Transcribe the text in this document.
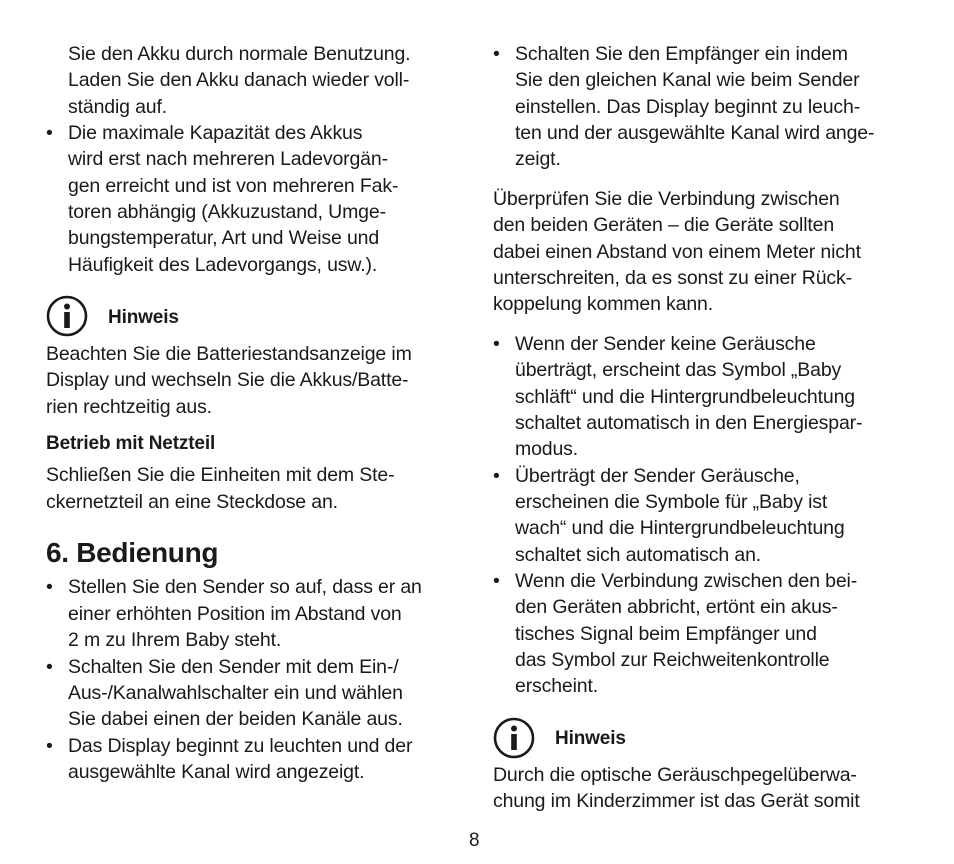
Sie den Akku durch normale Benutzung.
Laden Sie den Akku danach wieder voll-
ständig auf.
• Die maximale Kapazität des Akkus
wird erst nach mehreren Ladevorgän-
gen erreicht und ist von mehreren Fak-
toren abhängig (Akkuzustand, Umge-
bungstemperatur, Art und Weise und
Häufigkeit des Ladevorgangs, usw.).
Hinweis
Beachten Sie die Batteriestandsanzeige im
Display und wechseln Sie die Akkus/Batte-
rien rechtzeitig aus.
Betrieb mit Netzteil
Schließen Sie die Einheiten mit dem Ste-
ckernetzteil an eine Steckdose an.
6. Bedienung
• Stellen Sie den Sender so auf, dass er an
einer erhöhten Position im Abstand von
2 m zu Ihrem Baby steht.
• Schalten Sie den Sender mit dem Ein-/
Aus-/Kanalwahlschalter ein und wählen
Sie dabei einen der beiden Kanäle aus.
• Das Display beginnt zu leuchten und der
ausgewählte Kanal wird angezeigt.
• Schalten Sie den Empfänger ein indem
Sie den gleichen Kanal wie beim Sender
einstellen. Das Display beginnt zu leuch-
ten und der ausgewählte Kanal wird ange-
zeigt.
Überprüfen Sie die Verbindung zwischen
den beiden Geräten – die Geräte sollten
dabei einen Abstand von einem Meter nicht
unterschreiten, da es sonst zu einer Rück-
koppelung kommen kann.
• Wenn der Sender keine Geräusche
überträgt, erscheint das Symbol „Baby
schläft“ und die Hintergrundbeleuchtung
schaltet automatisch in den Energiespar-
modus.
• Überträgt der Sender Geräusche,
erscheinen die Symbole für „Baby ist
wach“ und die Hintergrundbeleuchtung
schaltet sich automatisch an.
• Wenn die Verbindung zwischen den bei-
den Geräten abbricht, ertönt ein akus-
tisches Signal beim Empfänger und
das Symbol zur Reichweitenkontrolle
erscheint.
Hinweis
Durch die optische Geräuschpegelüberwa-
chung im Kinderzimmer ist das Gerät somit
8
